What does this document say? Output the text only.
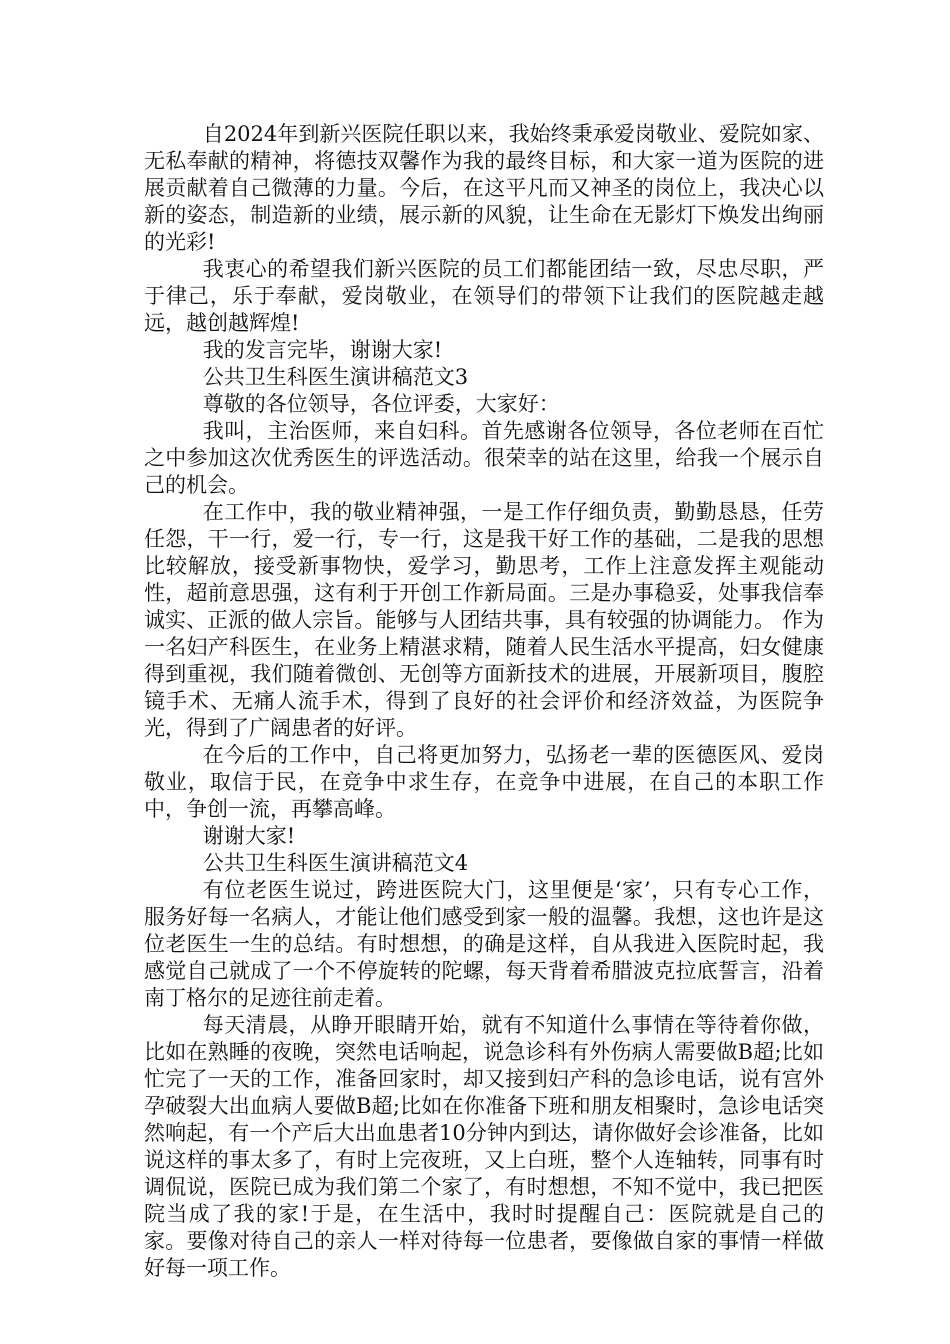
自2024年到新兴医院任职以来，我始终秉承爱岗敬业、爱院如家、无私奉献的精神，将德技双馨作为我的最终目标，和大家一道为医院的进展贡献着自己微薄的力量。今后，在这平凡而又神圣的岗位上，我决心以新的姿态，制造新的业绩，展示新的风貌，让生命在无影灯下焕发出绚丽的光彩!

我衷心的希望我们新兴医院的员工们都能团结一致，尽忠尽职，严于律己，乐于奉献，爱岗敬业，在领导们的带领下让我们的医院越走越远，越创越辉煌!

我的发言完毕，谢谢大家!

公共卫生科医生演讲稿范文3

尊敬的各位领导，各位评委，大家好：

我叫，主治医师，来自妇科。首先感谢各位领导，各位老师在百忙之中参加这次优秀医生的评选活动。很荣幸的站在这里，给我一个展示自己的机会。

在工作中，我的敬业精神强，一是工作仔细负责，勤勤恳恳，任劳任怨，干一行，爱一行，专一行，这是我干好工作的基础，二是我的思想比较解放，接受新事物快，爱学习，勤思考，工作上注意发挥主观能动性，超前意思强，这有利于开创工作新局面。三是办事稳妥，处事我信奉诚实、正派的做人宗旨。能够与人团结共事，具有较强的协调能力。 作为一名妇产科医生，在业务上精湛求精，随着人民生活水平提高，妇女健康得到重视，我们随着微创、无创等方面新技术的进展，开展新项目，腹腔镜手术、无痛人流手术，得到了良好的社会评价和经济效益，为医院争光，得到了广阔患者的好评。

在今后的工作中，自己将更加努力，弘扬老一辈的医德医风、爱岗敬业，取信于民，在竞争中求生存，在竞争中进展，在自己的本职工作中，争创一流，再攀高峰。

谢谢大家!

公共卫生科医生演讲稿范文4

有位老医生说过，跨进医院大门，这里便是‘家’，只有专心工作，服务好每一名病人，才能让他们感受到家一般的温馨。我想，这也许是这位老医生一生的总结。有时想想，的确是这样，自从我进入医院时起，我感觉自己就成了一个不停旋转的陀螺，每天背着希腊波克拉底誓言，沿着南丁格尔的足迹往前走着。

每天清晨，从睁开眼睛开始，就有不知道什么事情在等待着你做，比如在熟睡的夜晚，突然电话响起，说急诊科有外伤病人需要做B超;比如忙完了一天的工作，准备回家时，却又接到妇产科的急诊电话，说有宫外孕破裂大出血病人要做B超;比如在你准备下班和朋友相聚时，急诊电话突然响起，有一个产后大出血患者10分钟内到达，请你做好会诊准备，比如说这样的事太多了，有时上完夜班，又上白班，整个人连轴转，同事有时调侃说，医院已成为我们第二个家了，有时想想，不知不觉中，我已把医院当成了我的家!于是，在生活中，我时时提醒自己：医院就是自己的家。要像对待自己的亲人一样对待每一位患者，要像做自家的事情一样做好每一项工作。
